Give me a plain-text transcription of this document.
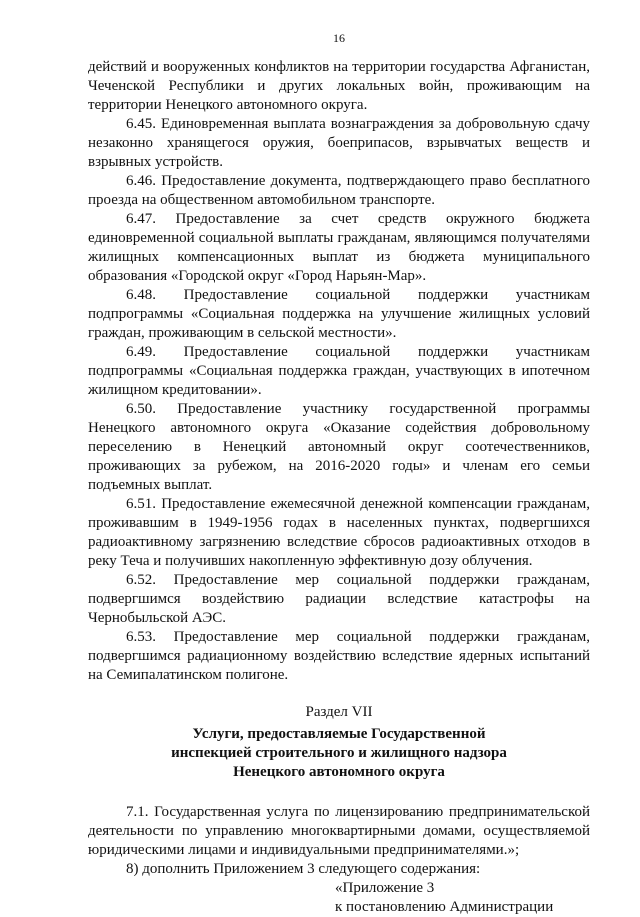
16

действий и вооруженных конфликтов на территории государства Афганистан, Чеченской Республики и других локальных войн, проживающим на территории Ненецкого автономного округа.

6.45. Единовременная выплата вознаграждения за добровольную сдачу незаконно хранящегося оружия, боеприпасов, взрывчатых веществ и взрывных устройств.

6.46. Предоставление документа, подтверждающего право бесплатного проезда на общественном автомобильном транспорте.

6.47. Предоставление за счет средств окружного бюджета единовременной социальной выплаты гражданам, являющимся получателями жилищных компенсационных выплат из бюджета муниципального образования «Городской округ «Город Нарьян-Мар».

6.48. Предоставление социальной поддержки участникам подпрограммы «Социальная поддержка на улучшение жилищных условий граждан, проживающим в сельской местности».

6.49. Предоставление социальной поддержки участникам подпрограммы «Социальная поддержка граждан, участвующих в ипотечном жилищном кредитовании».

6.50. Предоставление участнику государственной программы Ненецкого автономного округа «Оказание содействия добровольному переселению в Ненецкий автономный округ соотечественников, проживающих за рубежом, на 2016-2020 годы» и членам его семьи подъемных выплат.

6.51. Предоставление ежемесячной денежной компенсации гражданам, проживавшим в 1949-1956 годах в населенных пунктах, подвергшихся радиоактивному загрязнению вследствие сбросов радиоактивных отходов в реку Теча и получивших накопленную эффективную дозу облучения.

6.52. Предоставление мер социальной поддержки гражданам, подвергшимся воздействию радиации вследствие катастрофы на Чернобыльской АЭС.

6.53. Предоставление мер социальной поддержки гражданам, подвергшимся радиационному воздействию вследствие ядерных испытаний на Семипалатинском полигоне.

Раздел VII
Услуги, предоставляемые Государственной
инспекцией строительного и жилищного надзора
Ненецкого автономного округа

7.1. Государственная услуга по лицензированию предпринимательской деятельности по управлению многоквартирными домами, осуществляемой юридическими лицами и индивидуальными предпринимателями.»;

8) дополнить Приложением 3 следующего содержания:

«Приложение 3
к постановлению Администрации
